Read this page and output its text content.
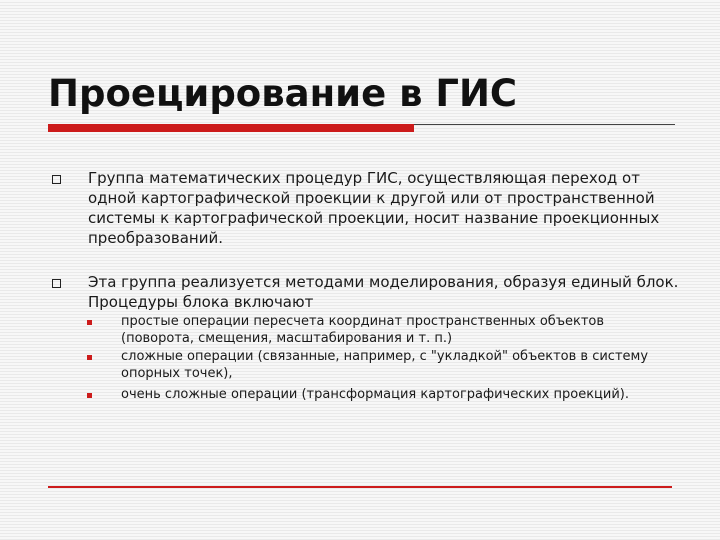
Проецирование в ГИС

Группа математических процедур ГИС, осуществляющая переход от одной картографической проекции к другой или от пространственной системы к картографической проекции, носит название проекционных преобразований.

Эта группа реализуется методами моделирования, образуя единый блок. Процедуры блока включают

простые операции пересчета координат пространственных объектов (поворота, смещения, масштабирования и т. п.)

сложные операции (связанные, например, с "укладкой" объектов в систему опорных точек),

очень сложные операции (трансформация картографических проекций).
